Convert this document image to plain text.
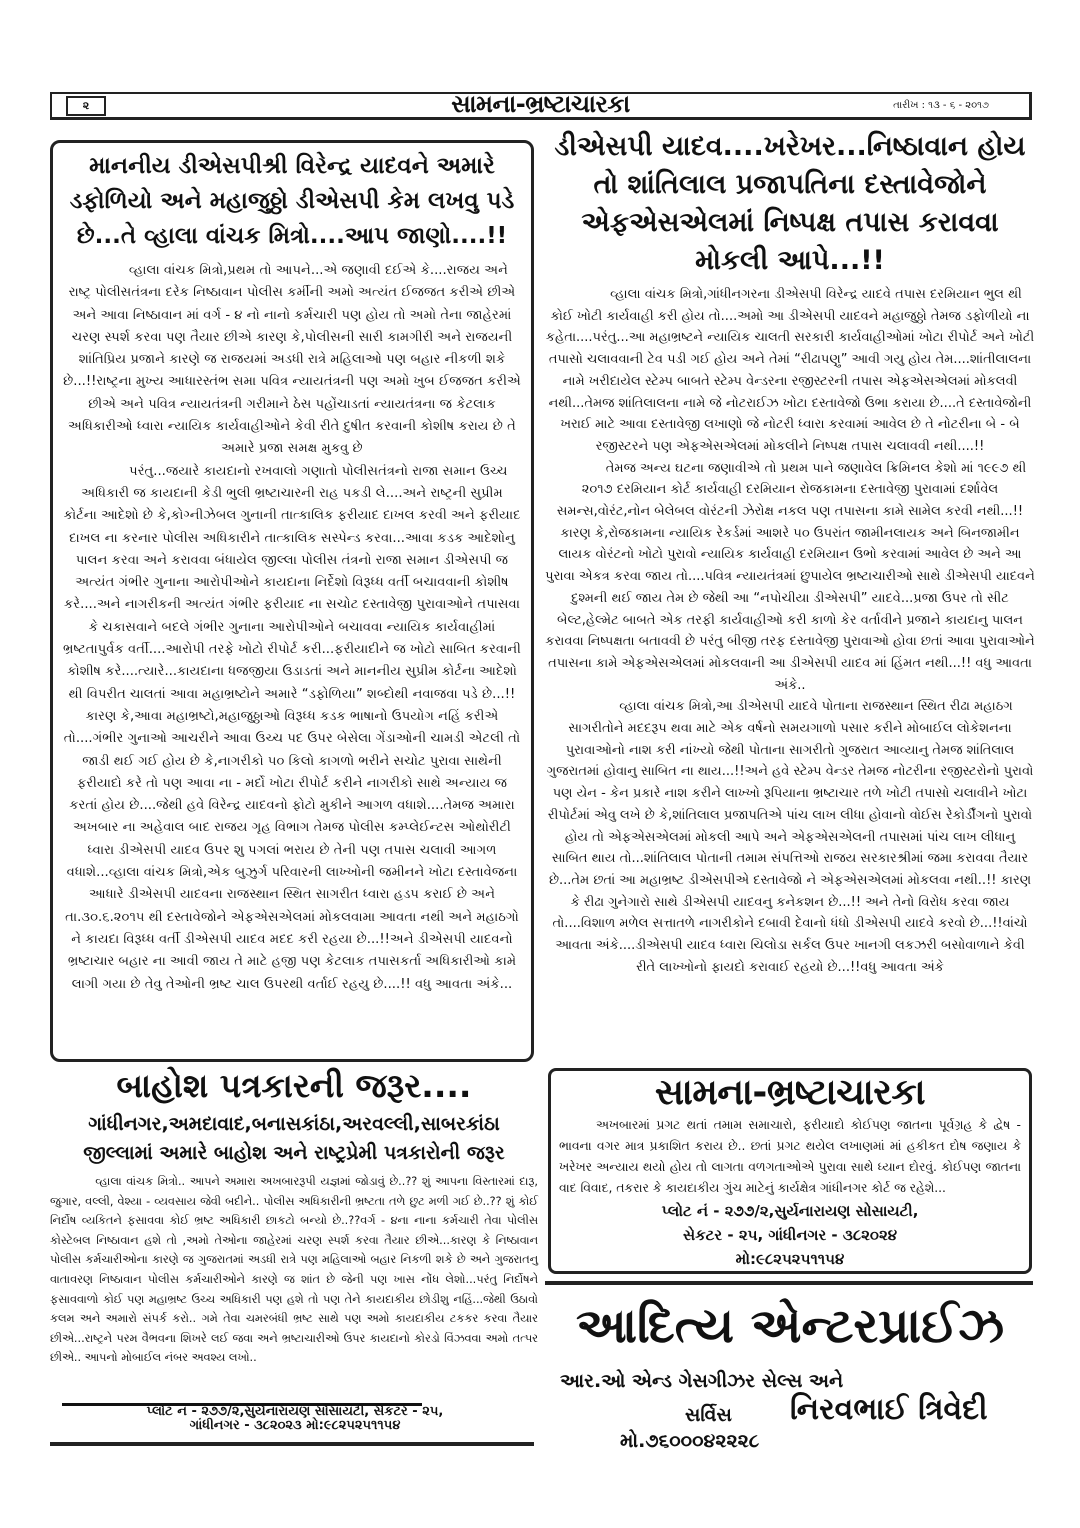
૨	સામના-ભ્રષ્ટાચારકા	તારીખ : ૧૩ - ૬ - ૨૦૧૭
માનનીય ડીએસપીશ્રી વિરેન્દ્ર યાદવને અમારે ડફોળિયો અને મહાજુઠ્ઠો ડીએસપી કેમ લખવુ પડે છે...તે વ્હાલા વાંચક મિત્રો....આપ જાણો....!!

વ્હાલા વાંચક મિત્રો,પ્રથમ તો આપને...એ જણાવી દઈએ કે....રાજય અને રાષ્ટ્ર પોલીસતંત્રના દરેક નિષ્ઠાવાન પોલીસ કર્મીની અમો અત્યંત ઈજજત કરીએ છીએ અને આવા નિષ્ઠાવાન માં વર્ગ - ૪ નો નાનો કર્મચારી પણ હોય તો અમો તેના જાહેરમાં ચરણ સ્પર્શ કરવા પણ તૈયાર છીએ કારણ કે,પોલીસની સારી કામગીરી અને રાજયની શાંતિપ્રિય પ્રજાને કારણે જ રાજયમાં અડધી રાત્રે મહિલાઓ પણ બહાર નીકળી શકે છે...!!રાષ્ટ્રના મુખ્ય આધારસ્તંભ સમા પવિત્ર ન્યાયતંત્રની પણ અમો ખુબ ઈજજત કરીએ છીએ અને પવિત્ર ન્યાયતંત્રની ગરીમાને ઠેસ પહોંચાડતાં ન્યાયતંત્રના જ કેટલાક અધિકારીઓ ધ્વારા ન્યાયિક કાર્યવાહીઓને કેવી રીતે દુષીત કરવાની કોશીષ કરાય છે તે અમારે પ્રજા સમક્ષ મુકવુ છે

પરંતુ...જયારે કાયદાનો રખવાલો ગણાતો પોલીસતંત્રનો રાજા સમાન ઉચ્ચ અધિકારી જ કાયદાની કેડી ભુલી ભ્રષ્ટાચારની રાહ પકડી લે....અને રાષ્ટ્રની સુપ્રીમ કોર્ટના આદેશો છે કે,કોગ્નીઝેબલ ગુનાની તાત્કાલિક ફરીયાદ દાખલ કરવી અને ફરીયાદ દાખલ ના કરનાર પોલીસ અધિકારીને તાત્કાલિક સસ્પેન્ડ કરવા...આવા કડક આદેશોનુ પાલન કરવા અને કરાવવા બંધાયેલ જીલ્લા પોલીસ તંત્રનો રાજા સમાન ડીએસપી જ અત્યંત ગંભીર ગુનાના આરોપીઓને કાયદાના નિર્દેશો વિરૂધ્ધ વર્તી બચાવવાની કોશીષ કરે....અને નાગરીકની અત્યંત ગંભીર ફરીયાદ ના સચોટ દસ્તાવેજી પુરાવાઓને તપાસવા કે ચકાસવાને બદલે ગંભીર ગુનાના આરોપીઓને બચાવવા ન્યાયિક કાર્યવાહીમાં ભ્રષ્ટતાપુર્વક વર્તી....આરોપી તરફે ખોટો રીપોર્ટ કરી...ફરીયાદીને જ ખોટો સાબિત કરવાની કોશીષ કરે....ત્યારે...કાયદાના ધજજીયા ઉડાડતાં અને માનનીય સુપ્રીમ કોર્ટના આદેશો થી વિપરીત ચાલતાં આવા મહાભ્રષ્ટોને અમારે “ડફોળિયા” શબ્દોથી નવાજવા પડે છે...!! કારણ કે,આવા મહાભ્રષ્ટો,મહાજુઠ્ઠાઓ વિરૂધ્ધ કડક ભાષાનો ઉપયોગ નહિં કરીએ તો....ગંભીર ગુનાઓ આચરીને આવા ઉચ્ચ પદ ઉપર બેસેલા ગેંડાઓની ચામડી એટલી તો જાડી થઈ ગઈ હોય છે કે,નાગરીકો ૫૦ કિલો કાગળો ભરીને સચોટ પુરાવા સાથેની ફરીયાદો કરે તો પણ આવા ના - મર્દો ખોટા રીપોર્ટ કરીને નાગરીકો સાથે અન્યાય જ કરતાં હોય છે....જેથી હવે વિરેન્દ્ર યાદવનો ફોટો મુકીને આગળ વધાશે....તેમજ અમારા અખબાર ના અહેવાલ બાદ રાજય ગૃહ વિભાગ તેમજ પોલીસ કમ્પ્લેઈન્ટસ ઓથોરીટી ધ્વારા ડીએસપી યાદવ ઉપર શુ પગલાં ભરાય છે તેની પણ તપાસ ચલાવી આગળ વધાશે...વ્હાલા વાંચક મિત્રો,એક બુઝુર્ગ પરિવારની લાખ્ખોની જમીનને ખોટા દસ્તાવેજના આધારે ડીએસપી યાદવના રાજસ્થાન સ્થિત સાગરીત ધ્વારા હડપ કરાઈ છે અને તા.૩૦.૬.૨૦૧૫ થી દસ્તાવેજોને એફએસએલમાં મોકલવામા આવતા નથી અને મહાઠગો ને કાયદા વિરૂધ્ધ વર્તી ડીએસપી યાદવ મદદ કરી રહયા છે...!!અને ડીએસપી યાદવનો ભ્રષ્ટાચાર બહાર ના આવી જાય તે માટે હજી પણ કેટલાક તપાસકર્તા અધિકારીઓ કામે લાગી ગયા છે તેવુ તેઓની ભ્રષ્ટ ચાલ ઉપરથી વર્તાઈ રહયુ છે....!! વધુ આવતા અંકે...

ડીએસપી યાદવ....ખરેખર...નિષ્ઠાવાન હોય તો શાંતિલાલ પ્રજાપતિના દસ્તાવેજોને એફએસએલમાં નિષ્પક્ષ તપાસ કરાવવા મોકલી આપે...!!

વ્હાલા વાંચક મિત્રો,ગાંધીનગરના ડીએસપી વિરેન્દ્ર યાદવે તપાસ દરમિયાન ભુલ થી કોઈ ખોટી કાર્યવાહી કરી હોય તો....અમો આ ડીએસપી યાદવને મહાજુઠ્ઠો તેમજ ડફોળીયો ના કહેતા....પરંતુ...આ મહાભ્રષ્ટને ન્યાયિક ચાલતી સરકારી કાર્યવાહીઓમાં ખોટા રીપોર્ટ અને ખોટી તપાસો ચલાવવાની ટેવ પડી ગઈ હોય અને તેમાં “રીઢાપણુ” આવી ગયુ હોય તેમ....શાંતીલાલના નામે ખરીદાયેલ સ્ટેમ્પ બાબતે સ્ટેમ્પ વેન્ડરના રજીસ્ટરની તપાસ એફએસએલમાં મોકલવી નથી...તેમજ શાંતિલાલના નામે જે નોટરાઈઝ ખોટા દસ્તાવેજો ઉભા કરાયા છે....તે દસ્તાવેજોની ખરાઈ માટે આવા દસ્તાવેજી લખાણો જે નોટરી ધ્વારા કરવામાં આવેલ છે તે નોટરીના બે - બે રજીસ્ટરને પણ એફએસએલમાં મોકલીને નિષ્પક્ષ તપાસ ચલાવવી નથી....!!

તેમજ અન્ય ઘટના જણાવીએ તો પ્રથમ પાને જણાવેલ ક્રિમિનલ કેશો માં ૧૯૯૭ થી ૨૦૧૭ દરમિયાન કોર્ટ કાર્યવાહી દરમિયાન રોજકામના દસ્તાવેજી પુરાવામાં દર્શાવેલ સમન્સ,વોરંટ,નોન બેલેબલ વોરંટની ઝેરોક્ષ નકલ પણ તપાસના કામે સામેલ કરવી નથી...!!કારણ કે,રોજકામના ન્યાયિક રેકર્ડમાં આશરે ૫૦ ઉપરાંત જામીનલાયક અને બિનજામીન લાયક વોરંટનો ખોટો પુરાવો ન્યાયિક કાર્યવાહી દરમિયાન ઉભો કરવામાં આવેલ છે અને આ પુરાવા એકત્ર કરવા જાય તો....પવિત્ર ન્યાયતંત્રમાં છુપાયેલ ભ્રષ્ટાચારીઓ સાથે ડીએસપી યાદવને દુશ્મની થઈ જાય તેમ છે જેથી આ “નપોચીયા ડીએસપી” યાદવે...પ્રજા ઉપર તો સીટ બેલ્ટ,હેલ્મેટ બાબતે એક તરફી કાર્યવાહીઓ કરી કાળો કેર વર્તાવીને પ્રજાને કાયદાનુ પાલન કરાવવા નિષ્પક્ષતા બતાવવી છે પરંતુ બીજી તરફ દસ્તાવેજી પુરાવાઓ હોવા છતાં આવા પુરાવાઓને તપાસના કામે એફએસએલમાં મોકલવાની આ ડીએસપી યાદવ માં હિંમત નથી...!! વધુ આવતા અંકે..

વ્હાલા વાંચક મિત્રો,આ ડીએસપી યાદવે પોતાના રાજસ્થાન સ્થિત રીઢા મહાઠગ સાગરીતોને મદદરૂપ થવા માટે એક વર્ષનો સમયગાળો પસાર કરીને મોબાઈલ લોકેશનના પુરાવાઓનો નાશ કરી નાંખ્યો જેથી પોતાના સાગરીતો ગુજરાત આવ્યાનુ તેમજ શાંતિલાલ ગુજરાતમાં હોવાનુ સાબિત ના થાય...!!અને હવે સ્ટેમ્પ વેન્ડર તેમજ નોટરીના રજીસ્ટરોનો પુરાવો પણ યેન - કેન પ્રકારે નાશ કરીને લાખ્ખો રૂપિયાના ભ્રષ્ટાચાર તળે ખોટી તપાસો ચલાવીને ખોટા રીપોર્ટમાં એવુ લખે છે કે,શાંતિલાલ પ્રજાપતિએ પાંચ લાખ લીધા હોવાનો વોઈસ રેકોર્ડીંગનો પુરાવો હોય તો એફએસએલમાં મોકલી આપે અને એફએસએલની તપાસમાં પાંચ લાખ લીધાનુ સાબિત થાય તો...શાંતિલાલ પોતાની તમામ સંપત્તિઓ રાજય સરકારશ્રીમાં જમા કરાવવા તૈયાર છે...તેમ છતાં આ મહાભ્રષ્ટ ડીએસપીએ દસ્તાવેજો ને એફએસએલમાં મોકલવા નથી..!! કારણ કે રીઢા ગુનેગારો સાથે ડીએસપી યાદવનુ કનેકશન છે...!! અને તેનો વિરોધ કરવા જાય તો....વિશાળ મળેલ સત્તાતળે નાગરીકોને દબાવી દેવાનો ધંધો ડીએસપી યાદવે કરવો છે...!!વાંચો આવતા અંકે....ડીએસપી યાદવ ધ્વારા ચિલોડા સર્કલ ઉપર ખાનગી લકઝરી બસોવાળાને કેવી રીતે લાખ્ખોનો ફાયદો કરાવાઈ રહયો છે...!!વધુ આવતા અંકે

બાહોશ પત્રકારની જરૂર....
ગાંધીનગર,અમદાવાદ,બનાસકાંઠા,અરવલ્લી,સાબરકાંઠા
જીલ્લામાં અમારે બાહોશ અને રાષ્ટ્રપ્રેમી પત્રકારોની જરૂર
વ્હાલા વાંચક મિત્રો.. આપને અમારા અખબારરૂપી યજ્ઞમાં જોડાવું છે..?? શું આપના વિસ્તારમાં દારૂ, જુગાર, વલ્લી, વેશ્યા - વ્યવસાય જેવી બદીને.. પોલીસ અધિકારીની ભ્રષ્ટતા તળે છુટ મળી ગઈ છે..?? શું કોઈ નિર્દોષ વ્યકિતને ફસાવવા કોઈ ભ્રષ્ટ અધિકારી છાકટો બન્યો છે..??વર્ગ - ૪ના નાના કર્મચારી તેવા પોલીસ કોસ્ટેબલ નિષ્ઠાવાન હશે તો ,અમો તેઓના જાહેરમાં ચરણ સ્પર્શ કરવા તૈયાર છીએ...કારણ કે નિષ્ઠાવાન પોલીસ કર્મચારીઓના કારણે જ ગુજરાતમાં અડધી રાત્રે પણ મહિલાઓ બહાર નિકળી શકે છે અને ગુજરાતનુ વાતાવરણ નિષ્ઠાવાન પોલીસ કર્મચારીઓને કારણે જ શાંત છે જેની પણ ખાસ નોંધ લેશો...પરંતુ નિર્દોષને ફસાવવાળો કોઈ પણ મહાભ્રષ્ટ ઉચ્ચ અધિકારી પણ હશે તો પણ તેને કાયદાકીય છોડીશુ નહિં...જેથી ઉઠાવો કલમ અને અમારો સંપર્ક કરો.. ગમે તેવા ચમરબંધી ભ્રષ્ટ સાથે પણ અમો કાયદાકીય ટકકર કરવા તૈયાર છીએ...રાષ્ટ્રને પરમ વૈભવના શિખરે લઈ જવા અને ભ્રષ્ટાચારીઓ ઉપર કાયદાનો કોરડો વિંઝવવા અમો તત્પર છીએ.. આપનો મોબાઈલ નંબર અવશ્ય લખો..
પ્લોટ નં - ૨૭૭/૨,સુર્યનારાયણ સોસાયટી, સેકટર - ૨૫,
ગાંધીનગર - ૩૮૨૦૨૩ મો:૯૮૨૫૨૫૧૧૫૪
સામના-ભ્રષ્ટાચારકા
અખબારમાં પ્રગટ થતાં તમામ સમાચારો, ફરીયાદો કોઈપણ જાતના પૂર્વગ્રહ કે દ્વેષ - ભાવના વગર માત્ર પ્રકાશિત કરાય છે.. છતાં પ્રગટ થયેલ લખાણમાં માં હકીકત દોષ જણાય કે ખરેખર અન્યાય થયો હોય તો લાગતા વળગતાઓએ પુરાવા સાથે ધ્યાન દોરવું. કોઈપણ જાતના વાદ વિવાદ, તકરાર કે કાયદાકીય ગુંચ માટેનું કાર્યક્ષેત્ર ગાંધીનગર કોર્ટ જ રહેશે...
પ્લોટ નં - ૨૭૭/૨,સુર્યનારાયણ સોસાયટી,
સેકટર - ૨૫, ગાંધીનગર - ૩૮૨૦૨૪
મો:૯૮૨૫૨૫૧૧૫૪
આદિત્ય એન્ટરપ્રાઈઝ
આર.ઓ એન્ડ ગેસગીઝર સેલ્સ અને
સર્વિસ નિરવભાઈ ત્રિવેદી
મો.૭૬૦૦૦૪૨૨૨૮
